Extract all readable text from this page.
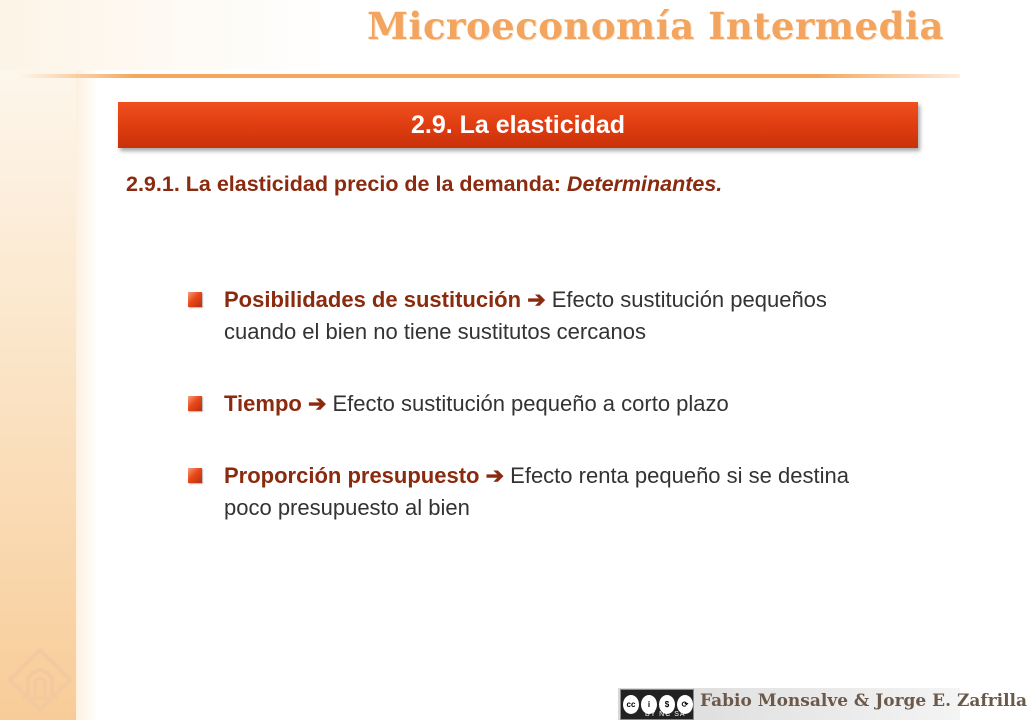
Microeconomía Intermedia
2.9. La elasticidad
2.9.1. La elasticidad precio de la demanda: Determinantes.
Posibilidades de sustitución ➔ Efecto sustitución pequeños cuando el bien no tiene sustitutos cercanos
Tiempo ➔ Efecto sustitución pequeño a corto plazo
Proporción presupuesto ➔ Efecto renta pequeño si se destina poco presupuesto al bien
cc	i	$	⟳
BY NC SA
Fabio Monsalve & Jorge E. Zafrilla
